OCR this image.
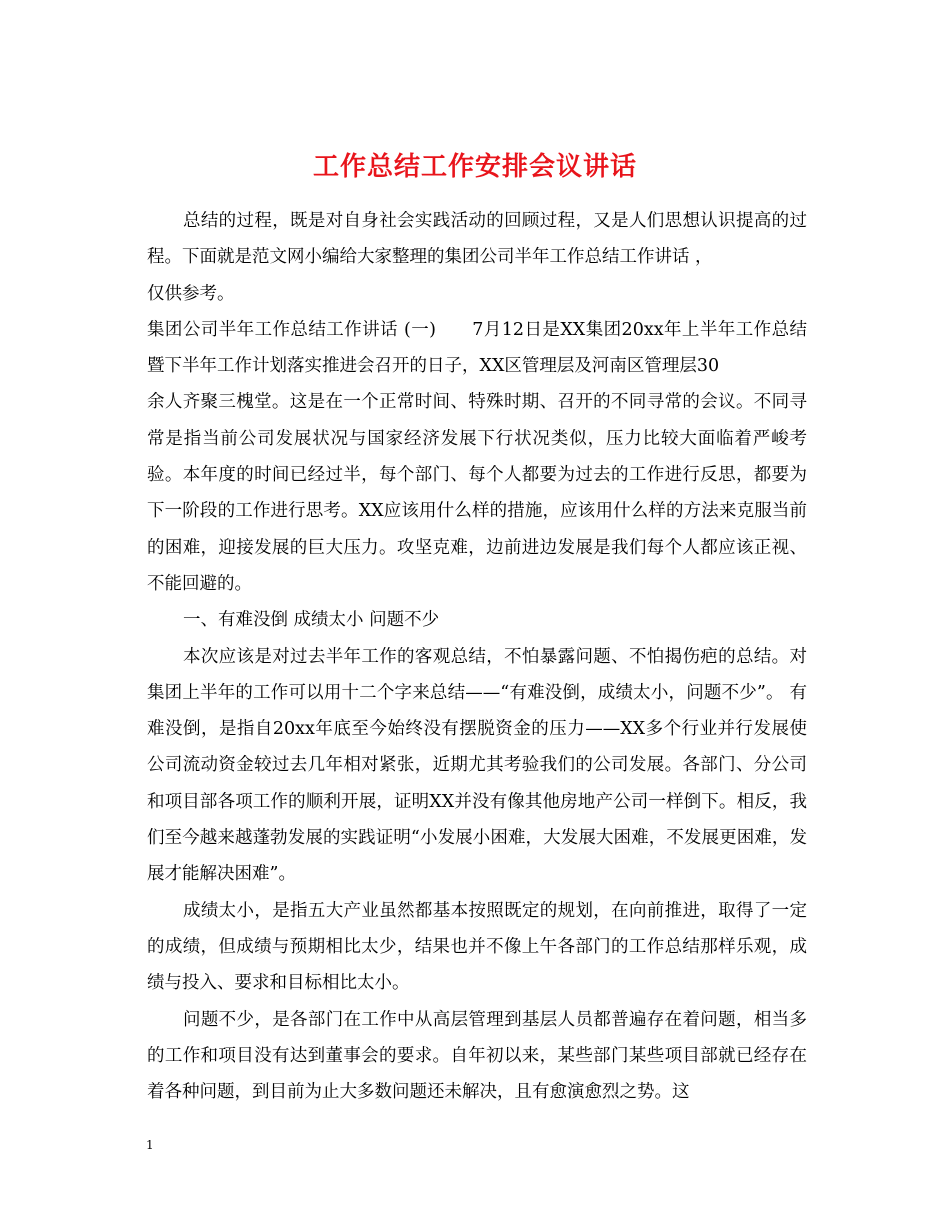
工作总结工作安排会议讲话

总结的过程，既是对自身社会实践活动的回顾过程，又是人们思想认识提高的过程。下面就是范文网小编给大家整理的集团公司半年工作总结工作讲话 ，

仅供参考。

集团公司半年工作总结工作讲话 (一)　　7月12日是XX集团20xx年上半年工作总结暨下半年工作计划落实推进会召开的日子，XX区管理层及河南区管理层30

余人齐聚三槐堂。这是在一个正常时间、特殊时期、召开的不同寻常的会议。不同寻常是指当前公司发展状况与国家经济发展下行状况类似，压力比较大面临着严峻考验。本年度的时间已经过半，每个部门、每个人都要为过去的工作进行反思，都要为下一阶段的工作进行思考。XX应该用什么样的措施，应该用什么样的方法来克服当前的困难，迎接发展的巨大压力。攻坚克难，边前进边发展是我们每个人都应该正视、不能回避的。

一、有难没倒 成绩太小 问题不少

本次应该是对过去半年工作的客观总结，不怕暴露问题、不怕揭伤疤的总结。对集团上半年的工作可以用十二个字来总结——“有难没倒，成绩太小，问题不少”。 有难没倒，是指自20xx年底至今始终没有摆脱资金的压力——XX多个行业并行发展使公司流动资金较过去几年相对紧张，近期尤其考验我们的公司发展。各部门、分公司和项目部各项工作的顺利开展，证明XX并没有像其他房地产公司一样倒下。相反，我们至今越来越蓬勃发展的实践证明“小发展小困难，大发展大困难，不发展更困难，发展才能解决困难”。

成绩太小，是指五大产业虽然都基本按照既定的规划，在向前推进，取得了一定的成绩，但成绩与预期相比太少，结果也并不像上午各部门的工作总结那样乐观，成绩与投入、要求和目标相比太小。

问题不少，是各部门在工作中从高层管理到基层人员都普遍存在着问题，相当多的工作和项目没有达到董事会的要求。自年初以来，某些部门某些项目部就已经存在着各种问题，到目前为止大多数问题还未解决，且有愈演愈烈之势。这

1
